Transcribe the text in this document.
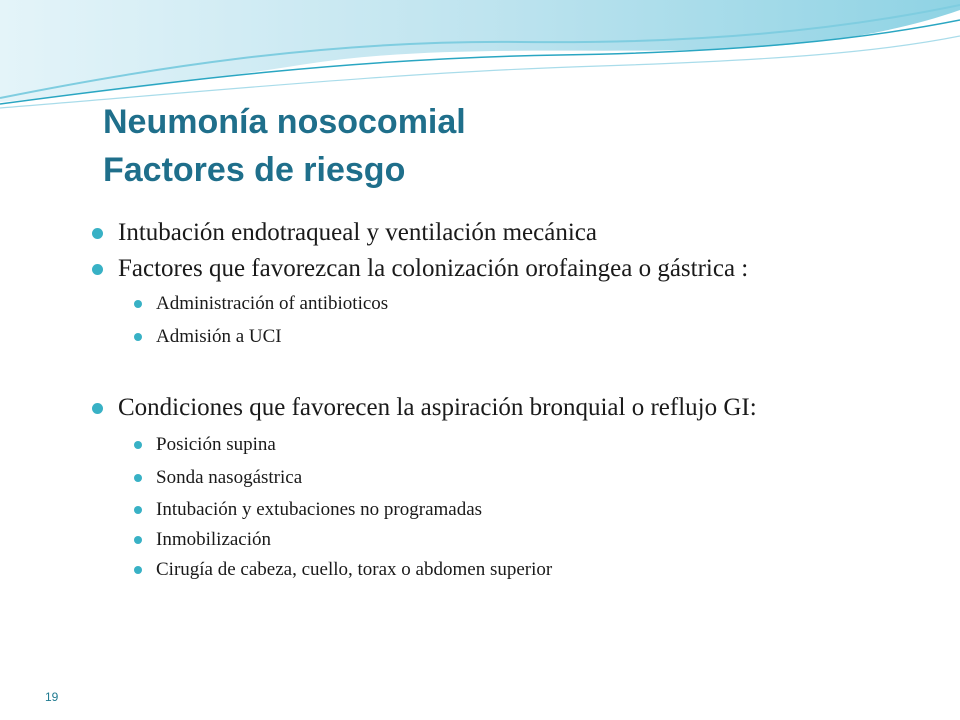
Neumonía nosocomial
Factores de riesgo
Intubación endotraqueal y ventilación mecánica
Factores que favorezcan la colonización orofaingea o gástrica :
Administración of antibioticos
Admisión a UCI
Condiciones que favorecen la aspiración bronquial o reflujo GI:
Posición supina
Sonda nasogástrica
Intubación y extubaciones no programadas
Inmobilización
Cirugía de cabeza, cuello, torax o abdomen superior
19
